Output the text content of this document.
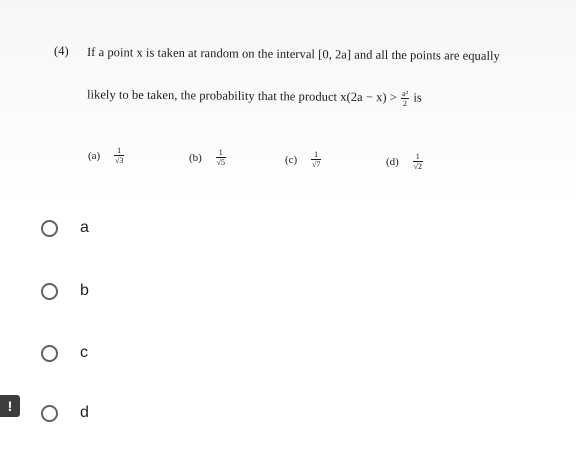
(4) If a point x is taken at random on the interval [0, 2a] and all the points are equally
likely to be taken, the probability that the product $x(2a - x) > \frac{\text{a²}}{2}$ is
$(a) \frac{1}{√3}$	$(b) \frac{1}{√5}$	$(c) \frac{1}{√7}$	$(d) \frac{1}{√2}$
a
b
c
d
!
